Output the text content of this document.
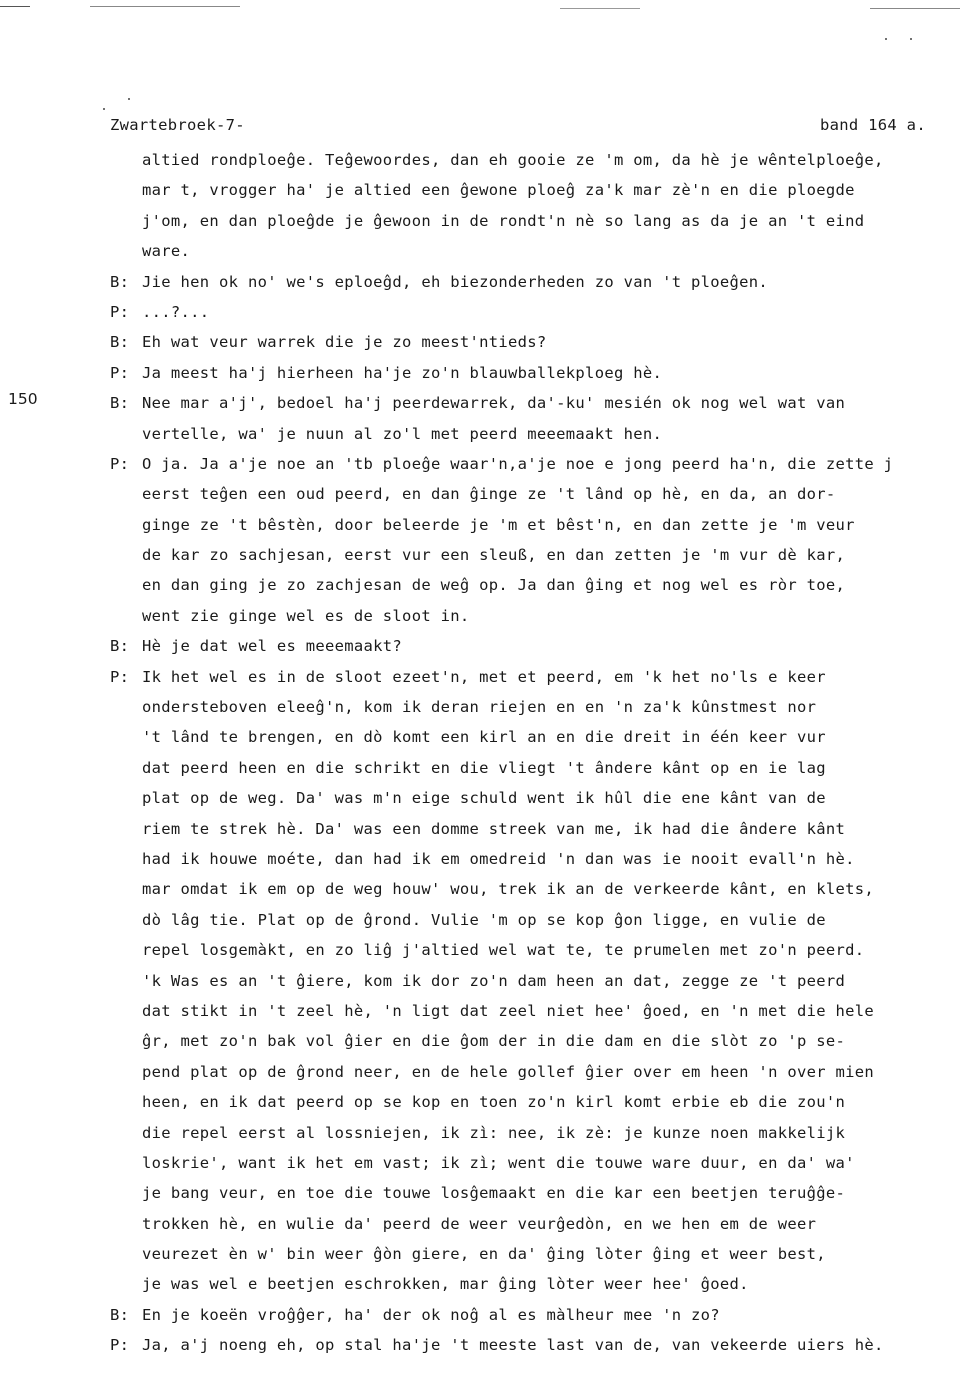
Zwartebroek-7-	band 164 a.
150
altied rondploeĝe. Teĝewoordes, dan eh gooie ze 'm om, da hè je wêntelploeĝe,
mar t, vrogger ha' je altied een ĝewone ploeĝ za'k mar zè'n en die ploegde
j'om, en dan ploeĝde je ĝewoon in de rondt'n nè so lang as da je an 't eind
ware.
B: Jie hen ok no' we's eploeĝd, eh biezonderheden zo van 't ploeĝen.
P: ...?...
B: Eh wat veur warrek die je zo meest'ntieds?
P: Ja meest ha'j hierheen ha'je zo'n blauwballekploeg hè.
B: Nee mar a'j', bedoel ha'j peerdewarrek, da'-ku' mesién ok nog wel wat van
vertelle, wa' je nuun al zo'l met peerd meeemaakt hen.
P: O ja. Ja a'je noe an 'tb ploeĝe waar'n,a'je noe e jong peerd ha'n, die zette j
eerst teĝen een oud peerd, en dan ĝinge ze 't lând op hè, en da, an dor-
ginge ze 't bêstèn, door beleerde je 'm et bêst'n, en dan zette je 'm veur
de kar zo sachjesan, eerst vur een sleuß, en dan zetten je 'm vur dè kar,
en dan ging je zo zachjesan de weĝ op. Ja dan ĝing et nog wel es ròr toe,
went zie ginge wel es de sloot in.
B: Hè je dat wel es meeemaakt?
P: Ik het wel es in de sloot ezeet'n, met et peerd, em 'k het no'ls e keer
ondersteboven eleeĝ'n, kom ik deran riejen en en 'n za'k kûnstmest nor
't lând te brengen, en dò komt een kirl an en die dreit in één keer vur
dat peerd heen en die schrikt en die vliegt 't ândere kânt op en ie lag
plat op de weg. Da' was m'n eige schuld went ik hûl die ene kânt van de
riem te strek hè. Da' was een domme streek van me, ik had die ândere kânt
had ik houwe moéte, dan had ik em omedreid 'n dan was ie nooit evall'n hè.
mar omdat ik em op de weg houw' wou, trek ik an de verkeerde kânt, en klets,
dò lâg tie. Plat op de ĝrond. Vulie 'm op se kop ĝon ligge, en vulie de
repel losgemàkt, en zo liĝ j'altied wel wat te, te prumelen met zo'n peerd.
'k Was es an 't ĝiere, kom ik dor zo'n dam heen an dat, zegge ze 't peerd
dat stikt in 't zeel hè, 'n ligt dat zeel niet hee' ĝoed, en 'n met die hele
ĝr, met zo'n bak vol ĝier en die ĝom der in die dam en die slòt zo 'p se-
pend plat op de ĝrond neer, en de hele gollef ĝier over em heen 'n over mien
heen, en ik dat peerd op se kop en toen zo'n kirl komt erbie eb die zou'n
die repel eerst al lossniejen, ik zì: nee, ik zè: je kunze noen makkelijk
loskrie', want ik het em vast; ik zì; went die touwe ware duur, en da' wa'
je bang veur, en toe die touwe losĝemaakt en die kar een beetjen teruĝĝe-
trokken hè, en wulie da' peerd de weer veurĝedòn, en we hen em de weer
veurezet èn w' bin weer ĝòn giere, en da' ĝing lòter ĝing et weer best,
je was wel e beetjen eschrokken, mar ĝing lòter weer hee' ĝoed.
B: En je koeën vroĝĝer, ha' der ok noĝ al es màlheur mee 'n zo?
P: Ja, a'j noeng eh, op stal ha'je 't meeste last van de, van vekeerde uiers hè.
